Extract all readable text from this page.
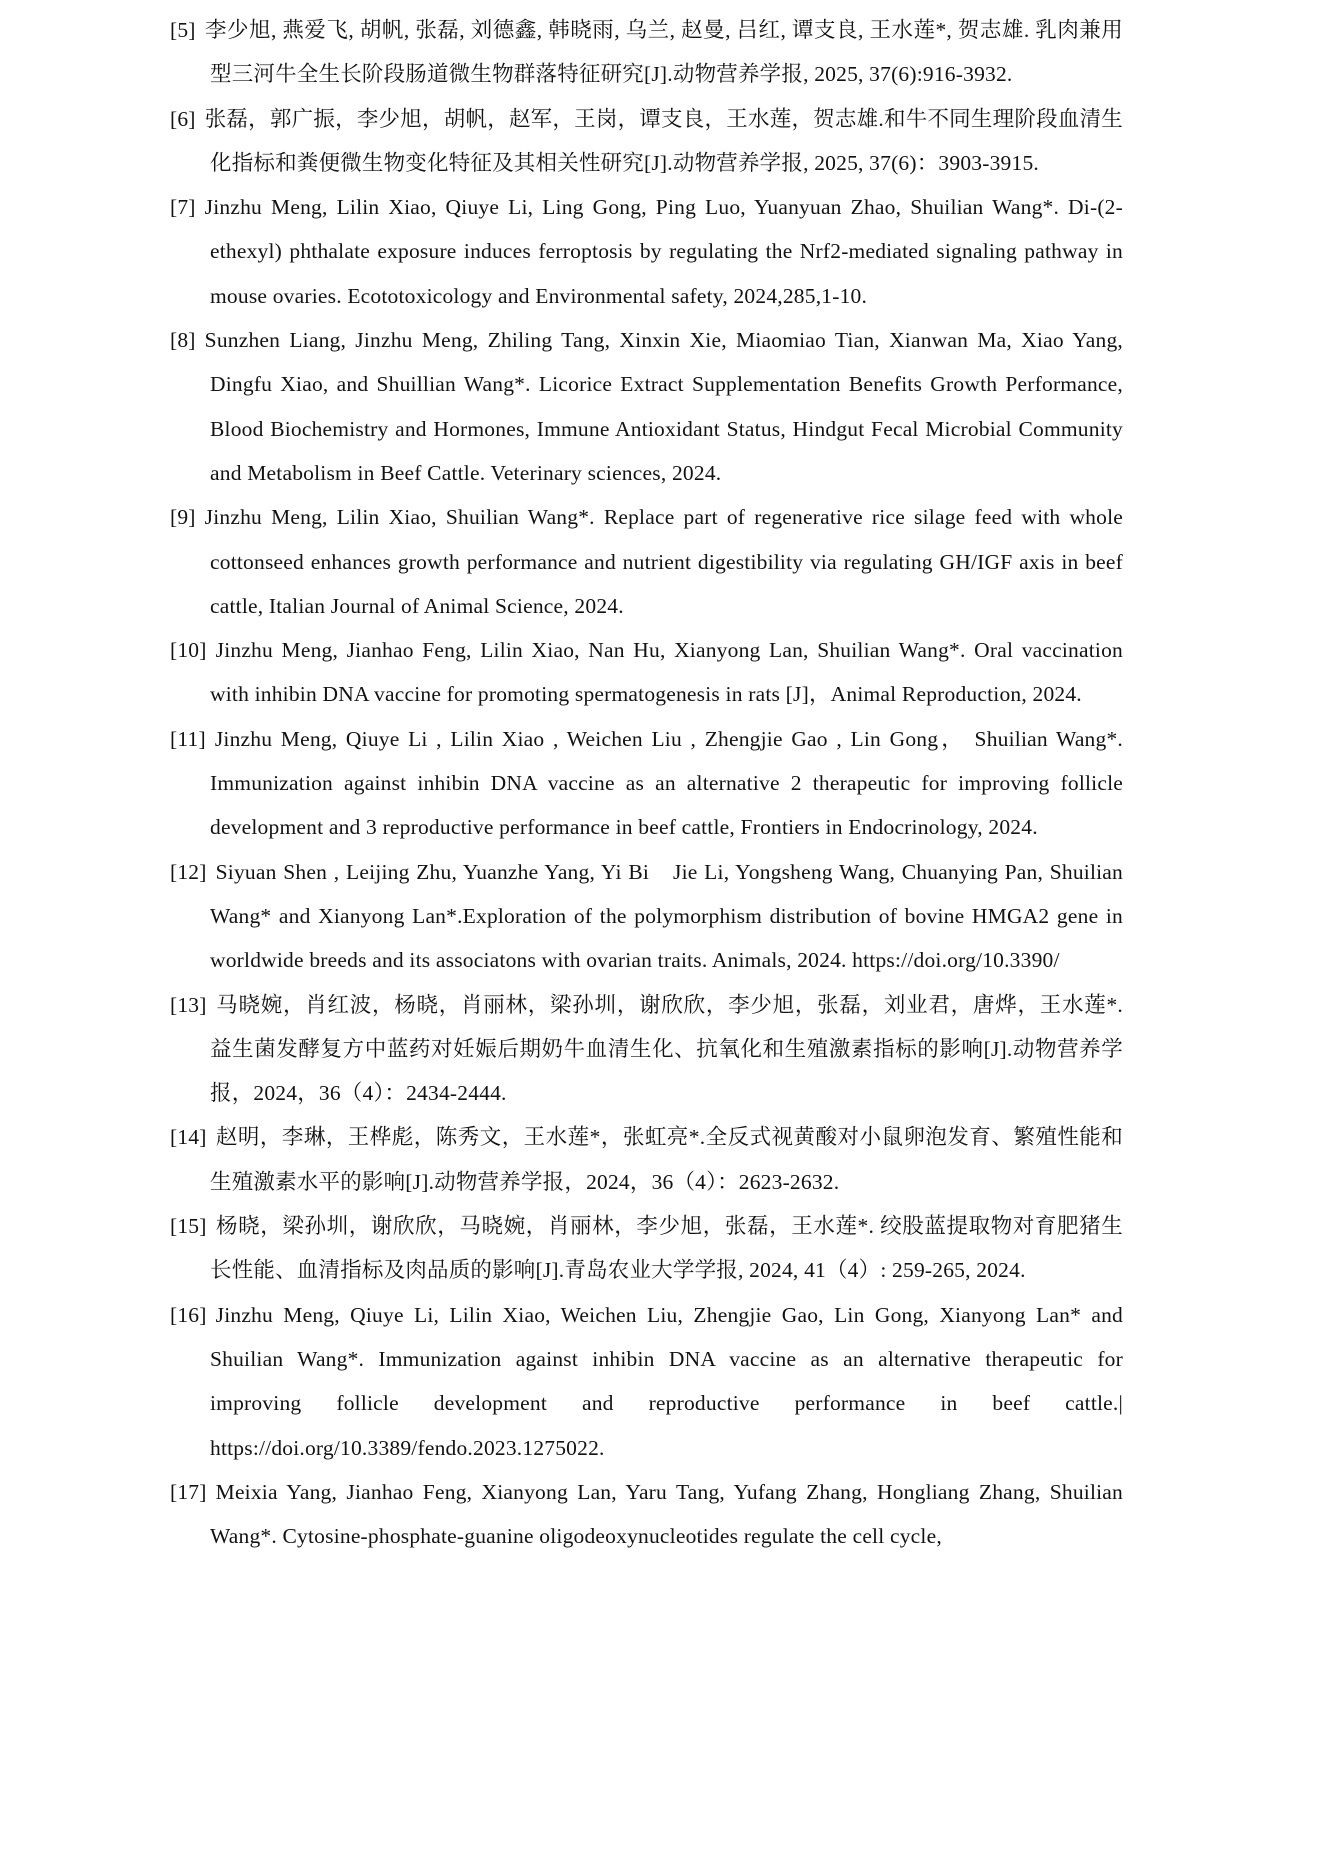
[5] 李少旭, 燕爱飞, 胡帆, 张磊, 刘德鑫, 韩晓雨, 乌兰, 赵曼, 吕红, 谭支良, 王水莲*, 贺志雄. 乳肉兼用型三河牛全生长阶段肠道微生物群落特征研究[J].动物营养学报, 2025, 37(6):916-3932.

[6] 张磊，郭广振，李少旭，胡帆，赵军，王岗，谭支良，王水莲，贺志雄.和牛不同生理阶段血清生化指标和粪便微生物变化特征及其相关性研究[J].动物营养学报, 2025, 37(6)：3903-3915.

[7] Jinzhu Meng, Lilin Xiao, Qiuye Li, Ling Gong, Ping Luo, Yuanyuan Zhao, Shuilian Wang*. Di-(2-ethexyl) phthalate exposure induces ferroptosis by regulating the Nrf2-mediated signaling pathway in mouse ovaries. Ecototoxicology and Environmental safety, 2024,285,1-10.

[8] Sunzhen Liang, Jinzhu Meng, Zhiling Tang, Xinxin Xie, Miaomiao Tian, Xianwan Ma, Xiao Yang, Dingfu Xiao, and Shuillian Wang*. Licorice Extract Supplementation Benefits Growth Performance, Blood Biochemistry and Hormones, Immune Antioxidant Status, Hindgut Fecal Microbial Community and Metabolism in Beef Cattle. Veterinary sciences, 2024.

[9] Jinzhu Meng, Lilin Xiao, Shuilian Wang*. Replace part of regenerative rice silage feed with whole cottonseed enhances growth performance and nutrient digestibility via regulating GH/IGF axis in beef cattle, Italian Journal of Animal Science, 2024.

[10] Jinzhu Meng, Jianhao Feng, Lilin Xiao, Nan Hu, Xianyong Lan, Shuilian Wang*. Oral vaccination with inhibin DNA vaccine for promoting spermatogenesis in rats [J]，Animal Reproduction, 2024.

[11] Jinzhu Meng, Qiuye Li , Lilin Xiao , Weichen Liu , Zhengjie Gao , Lin Gong， Shuilian Wang*. Immunization against inhibin DNA vaccine as an alternative 2 therapeutic for improving follicle development and 3 reproductive performance in beef cattle, Frontiers in Endocrinology, 2024.

[12] Siyuan Shen , Leijing Zhu, Yuanzhe Yang, Yi Bi　Jie Li, Yongsheng Wang, Chuanying Pan, Shuilian Wang* and Xianyong Lan*.Exploration of the polymorphism distribution of bovine HMGA2 gene in worldwide breeds and its associatons with ovarian traits. Animals, 2024. https://doi.org/10.3390/

[13] 马晓婉，肖红波，杨晓，肖丽林，梁孙圳，谢欣欣，李少旭，张磊，刘业君，唐烨，王水莲*. 益生菌发酵复方中蓝药对妊娠后期奶牛血清生化、抗氧化和生殖激素指标的影响[J].动物营养学报，2024，36（4）：2434-2444.

[14] 赵明，李琳，王桦彪，陈秀文，王水莲*，张虹亮*.全反式视黄酸对小鼠卵泡发育、繁殖性能和生殖激素水平的影响[J].动物营养学报，2024，36（4）：2623-2632.

[15] 杨晓，梁孙圳，谢欣欣，马晓婉，肖丽林，李少旭，张磊，王水莲*. 绞股蓝提取物对育肥猪生长性能、血清指标及肉品质的影响[J].青岛农业大学学报, 2024, 41（4）: 259-265, 2024.

[16] Jinzhu Meng, Qiuye Li, Lilin Xiao, Weichen Liu, Zhengjie Gao, Lin Gong, Xianyong Lan* and Shuilian Wang*. Immunization against inhibin DNA vaccine as an alternative therapeutic for improving follicle development and reproductive performance in beef cattle.| https://doi.org/10.3389/fendo.2023.1275022.

[17] Meixia Yang, Jianhao Feng, Xianyong Lan, Yaru Tang, Yufang Zhang, Hongliang Zhang, Shuilian Wang*. Cytosine-phosphate-guanine oligodeoxynucleotides regulate the cell cycle,
